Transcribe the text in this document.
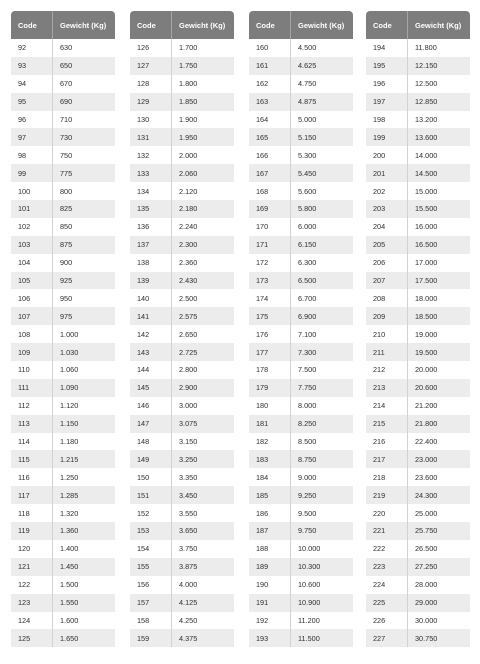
Code	Gewicht (Kg)
92	630
93	650
94	670
95	690
96	710
97	730
98	750
99	775
100	800
101	825
102	850
103	875
104	900
105	925
106	950
107	975
108	1.000
109	1.030
110	1.060
111	1.090
112	1.120
113	1.150
114	1.180
115	1.215
116	1.250
117	1.285
118	1.320
119	1.360
120	1.400
121	1.450
122	1.500
123	1.550
124	1.600
125	1.650
Code	Gewicht (Kg)
126	1.700
127	1.750
128	1.800
129	1.850
130	1.900
131	1.950
132	2.000
133	2.060
134	2.120
135	2.180
136	2.240
137	2.300
138	2.360
139	2.430
140	2.500
141	2.575
142	2.650
143	2.725
144	2.800
145	2.900
146	3.000
147	3.075
148	3.150
149	3.250
150	3.350
151	3.450
152	3.550
153	3.650
154	3.750
155	3.875
156	4.000
157	4.125
158	4.250
159	4.375
Code	Gewicht (Kg)
160	4.500
161	4.625
162	4.750
163	4.875
164	5.000
165	5.150
166	5.300
167	5.450
168	5.600
169	5.800
170	6.000
171	6.150
172	6.300
173	6.500
174	6.700
175	6.900
176	7.100
177	7.300
178	7.500
179	7.750
180	8.000
181	8.250
182	8.500
183	8.750
184	9.000
185	9.250
186	9.500
187	9.750
188	10.000
189	10.300
190	10.600
191	10.900
192	11.200
193	11.500
Code	Gewicht (Kg)
194	11.800
195	12.150
196	12.500
197	12.850
198	13.200
199	13.600
200	14.000
201	14.500
202	15.000
203	15.500
204	16.000
205	16.500
206	17.000
207	17.500
208	18.000
209	18.500
210	19.000
211	19.500
212	20.000
213	20.600
214	21.200
215	21.800
216	22.400
217	23.000
218	23.600
219	24.300
220	25.000
221	25.750
222	26.500
223	27.250
224	28.000
225	29.000
226	30.000
227	30.750
